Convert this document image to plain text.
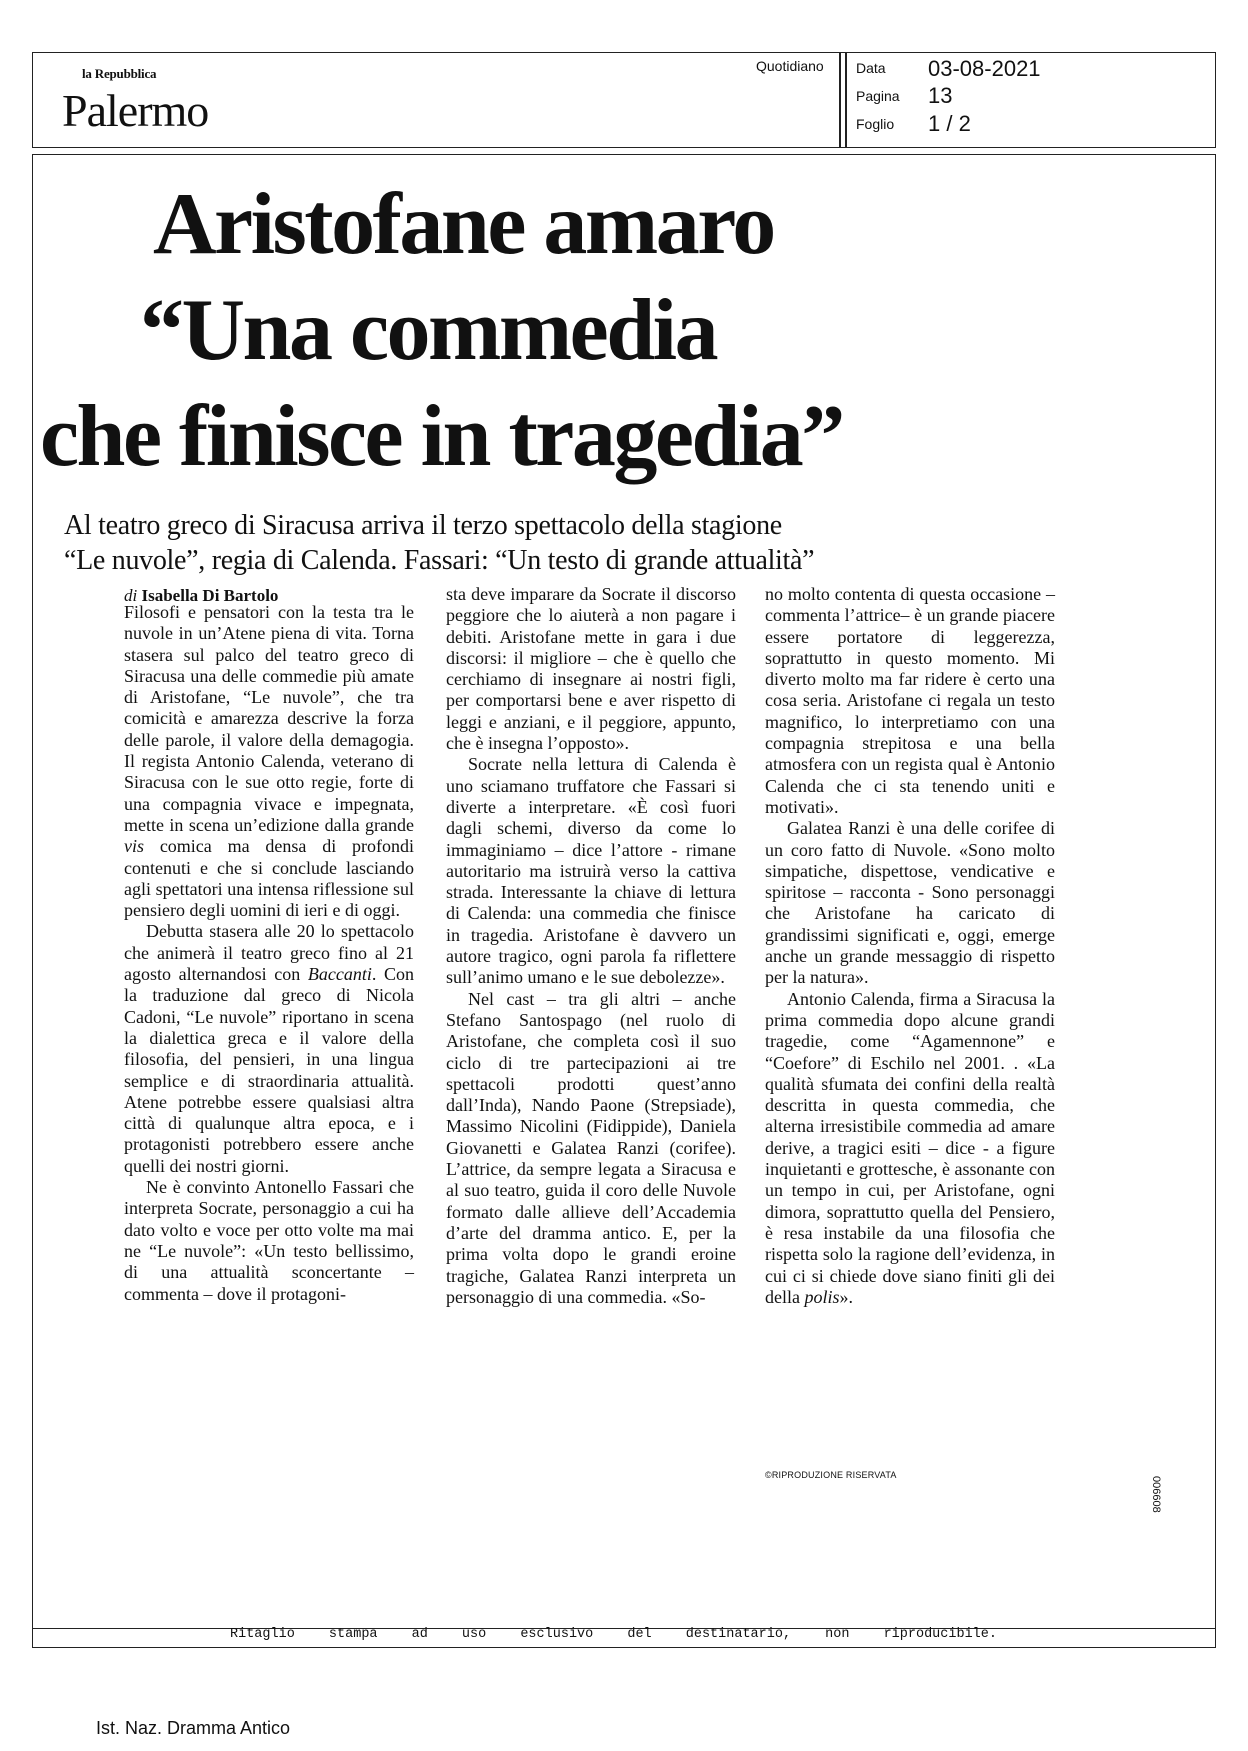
la Repubblica
Palermo
Quotidiano Data 03-08-2021
Pagina 13
Foglio 1 / 2
Aristofane amaro
“Una commedia
che finisce in tragedia”
Al teatro greco di Siracusa arriva il terzo spettacolo della stagione
“Le nuvole”, regia di Calenda. Fassari: “Un testo di grande attualità”
di Isabella Di Bartolo

Filosofi e pensatori con la testa tra le nuvole in un’Atene piena di vita. Torna stasera sul palco del teatro greco di Siracusa una delle commedie più amate di Aristofane, “Le nuvole”, che tra comicità e amarezza descrive la forza delle parole, il valore della demagogia. Il regista Antonio Calenda, veterano di Siracusa con le sue otto regie, forte di una compagnia vivace e impegnata, mette in scena un’edizione dalla grande vis comica ma densa di profondi contenuti e che si conclude lasciando agli spettatori una intensa riflessione sul pensiero degli uomini di ieri e di oggi.

Debutta stasera alle 20 lo spettacolo che animerà il teatro greco fino al 21 agosto alternandosi con Baccanti. Con la traduzione dal greco di Nicola Cadoni, “Le nuvole” riportano in scena la dialettica greca e il valore della filosofia, del pensieri, in una lingua semplice e di straordinaria attualità. Atene potrebbe essere qualsiasi altra città di qualunque altra epoca, e i protagonisti potrebbero essere anche quelli dei nostri giorni.

Ne è convinto Antonello Fassari che interpreta Socrate, personaggio a cui ha dato volto e voce per otto volte ma mai ne “Le nuvole”: «Un testo bellissimo, di una attualità sconcertante – commenta – dove il protagoni-

sta deve imparare da Socrate il discorso peggiore che lo aiuterà a non pagare i debiti. Aristofane mette in gara i due discorsi: il migliore – che è quello che cerchiamo di insegnare ai nostri figli, per comportarsi bene e aver rispetto di leggi e anziani, e il peggiore, appunto, che è insegna l’opposto».

Socrate nella lettura di Calenda è uno sciamano truffatore che Fassari si diverte a interpretare. «È così fuori dagli schemi, diverso da come lo immaginiamo – dice l’attore - rimane autoritario ma istruirà verso la cattiva strada. Interessante la chiave di lettura di Calenda: una commedia che finisce in tragedia. Aristofane è davvero un autore tragico, ogni parola fa riflettere sull’animo umano e le sue debolezze».

Nel cast – tra gli altri – anche Stefano Santospago (nel ruolo di Aristofane, che completa così il suo ciclo di tre partecipazioni ai tre spettacoli prodotti quest’anno dall’Inda), Nando Paone (Strepsiade), Massimo Nicolini (Fidippide), Daniela Giovanetti e Galatea Ranzi (corifee). L’attrice, da sempre legata a Siracusa e al suo teatro, guida il coro delle Nuvole formato dalle allieve dell’Accademia d’arte del dramma antico. E, per la prima volta dopo le grandi eroine tragiche, Galatea Ranzi interpreta un personaggio di una commedia. «So-

no molto contenta di questa occasione – commenta l’attrice– è un grande piacere essere portatore di leggerezza, soprattutto in questo momento. Mi diverto molto ma far ridere è certo una cosa seria. Aristofane ci regala un testo magnifico, lo interpretiamo con una compagnia strepitosa e una bella atmosfera con un regista qual è Antonio Calenda che ci sta tenendo uniti e motivati».

Galatea Ranzi è una delle corifee di un coro fatto di Nuvole. «Sono molto simpatiche, dispettose, vendicative e spiritose – racconta - Sono personaggi che Aristofane ha caricato di grandissimi significati e, oggi, emerge anche un grande messaggio di rispetto per la natura».

Antonio Calenda, firma a Siracusa la prima commedia dopo alcune grandi tragedie, come “Agamennone” e “Coefore” di Eschilo nel 2001. . «La qualità sfumata dei confini della realtà descritta in questa commedia, che alterna irresistibile commedia ad amare derive, a tragici esiti – dice - a figure inquietanti e grottesche, è assonante con un tempo in cui, per Aristofane, ogni dimora, soprattutto quella del Pensiero, è resa instabile da una filosofia che rispetta solo la ragione dell’evidenza, in cui ci si chiede dove siano finiti gli dei della polis».

©RIPRODUZIONE RISERVATA
006608
Ritaglio stampa ad uso esclusivo del destinatario, non riproducibile.
Ist. Naz. Dramma Antico
